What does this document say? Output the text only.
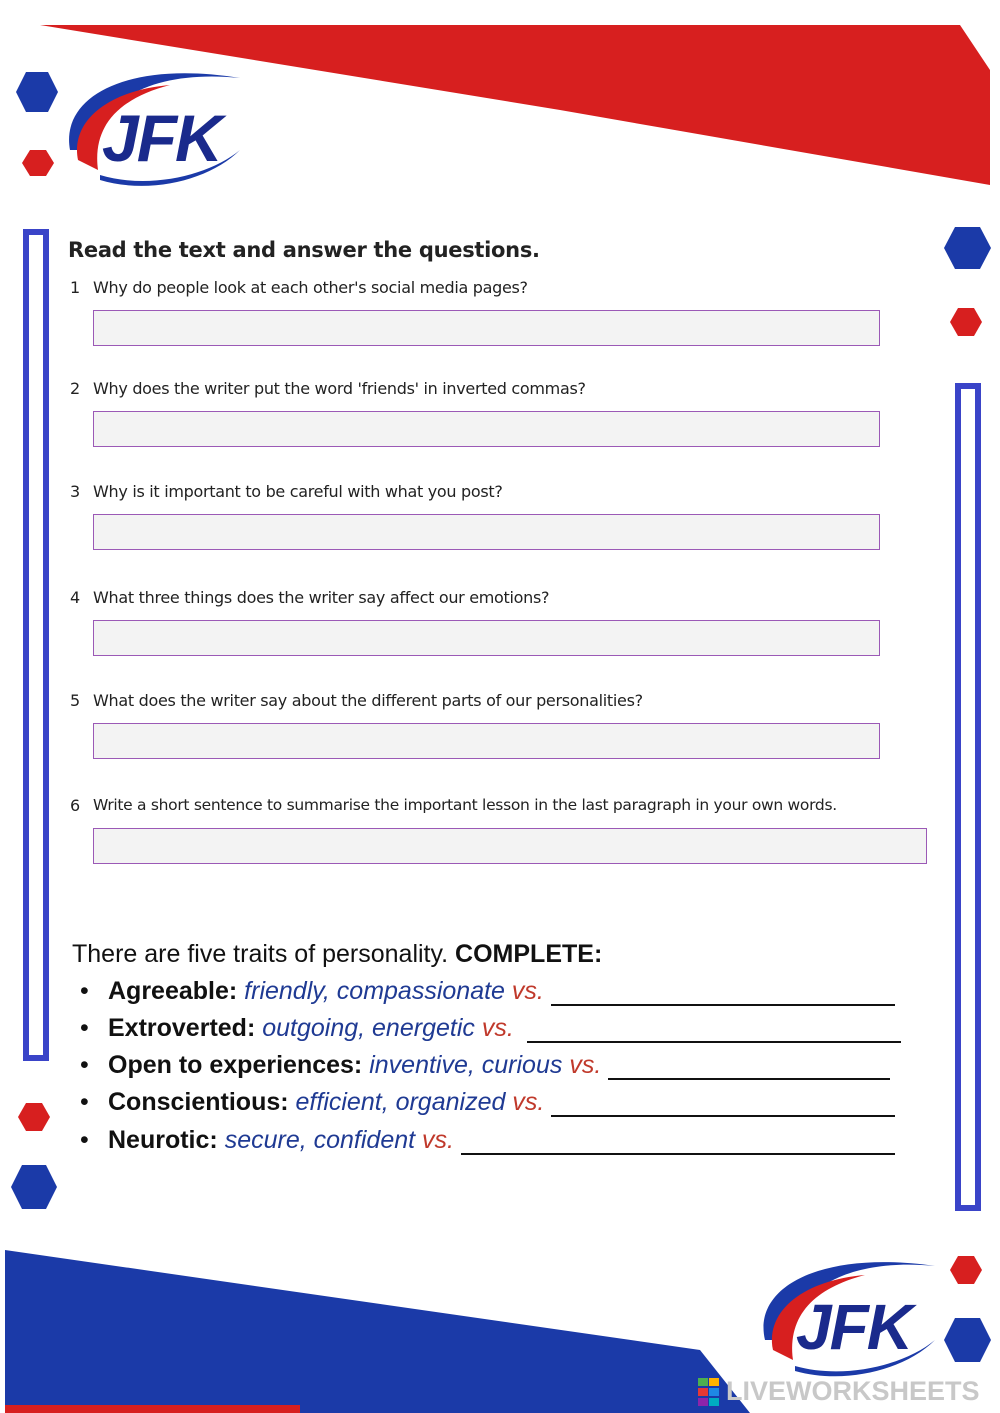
JFK
JFK
Read the text and answer the questions.
1 Why do people look at each other's social media pages?
2 Why does the writer put the word 'friends' in inverted commas?
3 Why is it important to be careful with what you post?
4 What three things does the writer say affect our emotions?
5 What does the writer say about the different parts of our personalities?
6 Write a short sentence to summarise the important lesson in the last paragraph in your own words.
There are five traits of personality. COMPLETE:
• Agreeable: friendly, compassionate vs.
• Extroverted: outgoing, energetic vs.
• Open to experiences: inventive, curious vs.
• Conscientious: efficient, organized vs.
• Neurotic: secure, confident vs.
LIVEWORKSHEETS
